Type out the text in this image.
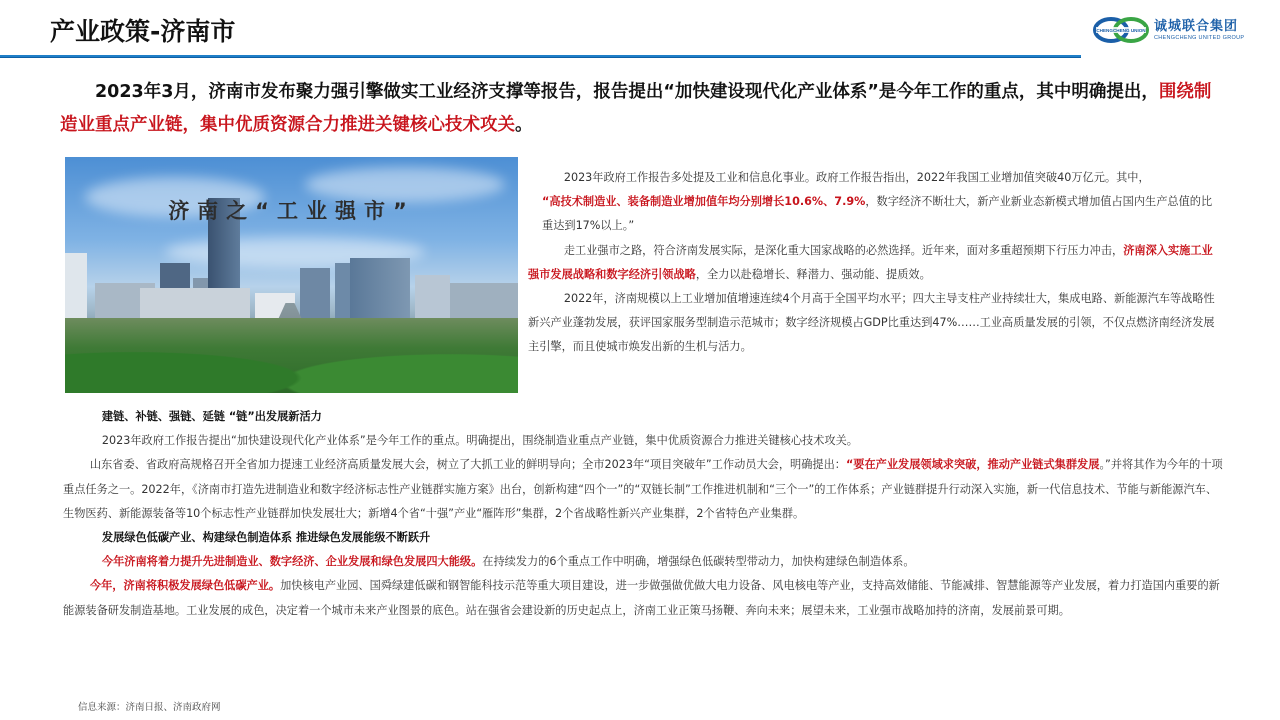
产业政策-济南市	CHENGCHENG UNION 诚城联合集团
CHENGCHENG UNITED GROUP
2023年3月，济南市发布聚力强引擎做实工业经济支撑等报告，报告提出“加快建设现代化产业体系”是今年工作的重点，其中明确提出，围绕制造业重点产业链，集中优质资源合力推进关键核心技术攻关。
济南之“工业强市”

2023年政府工作报告多处提及工业和信息化事业。政府工作报告指出，2022年我国工业增加值突破40万亿元。其中，

“高技术制造业、装备制造业增加值年均分别增长10.6%、7.9%，数字经济不断壮大，新产业新业态新模式增加值占国内生产总值的比重达到17%以上。”

走工业强市之路，符合济南发展实际，是深化重大国家战略的必然选择。近年来，面对多重超预期下行压力冲击，济南深入实施工业强市发展战略和数字经济引领战略，全力以赴稳增长、释潜力、强动能、提质效。

2022年，济南规模以上工业增加值增速连续4个月高于全国平均水平；四大主导支柱产业持续壮大，集成电路、新能源汽车等战略性新兴产业蓬勃发展，获评国家服务型制造示范城市；数字经济规模占GDP比重达到47%……工业高质量发展的引领，不仅点燃济南经济发展主引擎，而且使城市焕发出新的生机与活力。

建链、补链、强链、延链 “链”出发展新活力

2023年政府工作报告提出“加快建设现代化产业体系”是今年工作的重点。明确提出，围绕制造业重点产业链，集中优质资源合力推进关键核心技术攻关。

山东省委、省政府高规格召开全省加力提速工业经济高质量发展大会，树立了大抓工业的鲜明导向；全市2023年“项目突破年”工作动员大会，明确提出：“要在产业发展领域求突破，推动产业链式集群发展。”并将其作为今年的十项重点任务之一。2022年，《济南市打造先进制造业和数字经济标志性产业链群实施方案》出台，创新构建“四个一”的“双链长制”工作推进机制和“三个一”的工作体系；产业链群提升行动深入实施，新一代信息技术、节能与新能源汽车、生物医药、新能源装备等10个标志性产业链群加快发展壮大；新增4个省“十强”产业“雁阵形”集群，2个省战略性新兴产业集群，2个省特色产业集群。

发展绿色低碳产业、构建绿色制造体系 推进绿色发展能级不断跃升

今年济南将着力提升先进制造业、数字经济、企业发展和绿色发展四大能级。在持续发力的6个重点工作中明确，增强绿色低碳转型带动力，加快构建绿色制造体系。

今年，济南将积极发展绿色低碳产业。加快核电产业园、国舜绿建低碳和钢智能科技示范等重大项目建设，进一步做强做优做大电力设备、风电核电等产业，支持高效储能、节能减排、智慧能源等产业发展，着力打造国内重要的新能源装备研发制造基地。工业发展的成色，决定着一个城市未来产业图景的底色。站在强省会建设新的历史起点上，济南工业正策马扬鞭、奔向未来；展望未来，工业强市战略加持的济南，发展前景可期。

信息来源：济南日报、济南政府网
